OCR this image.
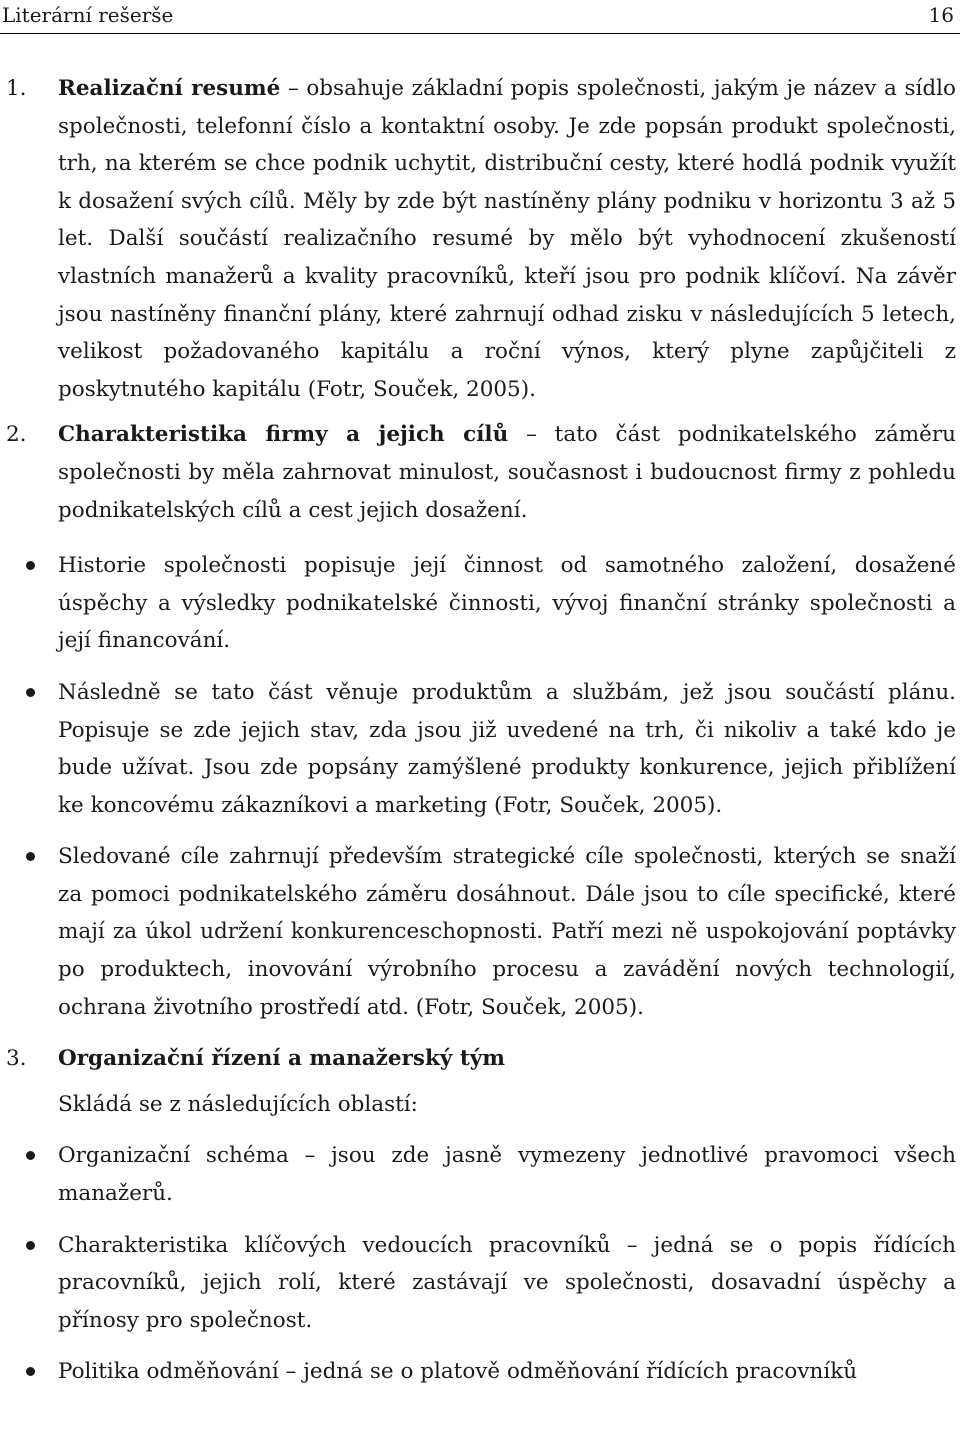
Literární rešerše	16
1. Realizační resumé – obsahuje základní popis společnosti, jakým je název a sídlo společnosti, telefonní číslo a kontaktní osoby. Je zde popsán produkt společnosti, trh, na kterém se chce podnik uchytit, distribuční cesty, které hodlá podnik využít k dosažení svých cílů. Měly by zde být nastíněny plány podniku v horizontu 3 až 5 let. Další součástí realizačního resumé by mělo být vyhodnocení zkušeností vlastních manažerů a kvality pracovníků, kteří jsou pro podnik klíčoví. Na závěr jsou nastíněny finanční plány, které zahrnují odhad zisku v následujících 5 letech, velikost požadovaného kapitálu a roční výnos, který plyne zapůjčiteli z poskytnutého kapitálu (Fotr, Souček, 2005).
2. Charakteristika firmy a jejich cílů – tato část podnikatelského záměru společnosti by měla zahrnovat minulost, současnost i budoucnost firmy z pohledu podnikatelských cílů a cest jejich dosažení.
Historie společnosti popisuje její činnost od samotného založení, dosažené úspěchy a výsledky podnikatelské činnosti, vývoj finanční stránky společnosti a její financování.
Následně se tato část věnuje produktům a službám, jež jsou součástí plánu. Popisuje se zde jejich stav, zda jsou již uvedené na trh, či nikoliv a také kdo je bude užívat. Jsou zde popsány zamýšlené produkty konkurence, jejich přiblížení ke koncovému zákazníkovi a marketing (Fotr, Souček, 2005).
Sledované cíle zahrnují především strategické cíle společnosti, kterých se snaží za pomoci podnikatelského záměru dosáhnout. Dále jsou to cíle specifické, které mají za úkol udržení konkurenceschopnosti. Patří mezi ně uspokojování poptávky po produktech, inovování výrobního procesu a zavádění nových technologií, ochrana životního prostředí atd. (Fotr, Souček, 2005).
3. Organizační řízení a manažerský tým
Skládá se z následujících oblastí:
Organizační schéma – jsou zde jasně vymezeny jednotlivé pravomoci všech manažerů.
Charakteristika klíčových vedoucích pracovníků – jedná se o popis řídících pracovníků, jejich rolí, které zastávají ve společnosti, dosavadní úspěchy a přínosy pro společnost.
Politika odměňování – jedná se o platově odměňování řídících pracovníků
